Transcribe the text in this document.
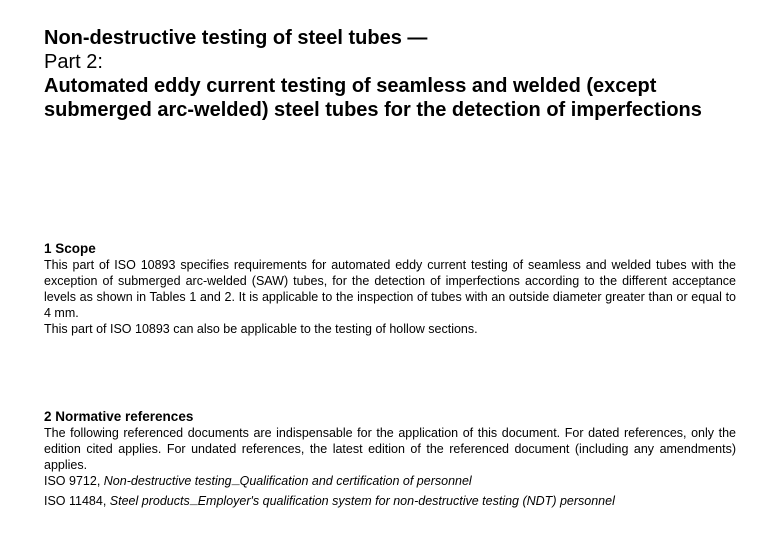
Non-destructive testing of steel tubes —

Part 2:

Automated eddy current testing of seamless and welded (except submerged arc-welded) steel tubes for the detection of imperfections

1 Scope

This part of ISO 10893 specifies requirements for automated eddy current testing of seamless and welded tubes with the exception of submerged arc-welded (SAW) tubes, for the detection of imperfections according to the different acceptance levels as shown in Tables 1 and 2. It is applicable to the inspection of tubes with an outside diameter greater than or equal to 4 mm.

This part of ISO 10893 can also be applicable to the testing of hollow sections.

2 Normative references

The following referenced documents are indispensable for the application of this document. For dated references, only the edition cited applies. For undated references, the latest edition of the referenced document (including any amendments) applies.

ISO 9712, Non-destructive testing—Qualification and certification of personnel

ISO 11484, Steel products—Employer's qualification system for non-destructive testing (NDT) personnel
